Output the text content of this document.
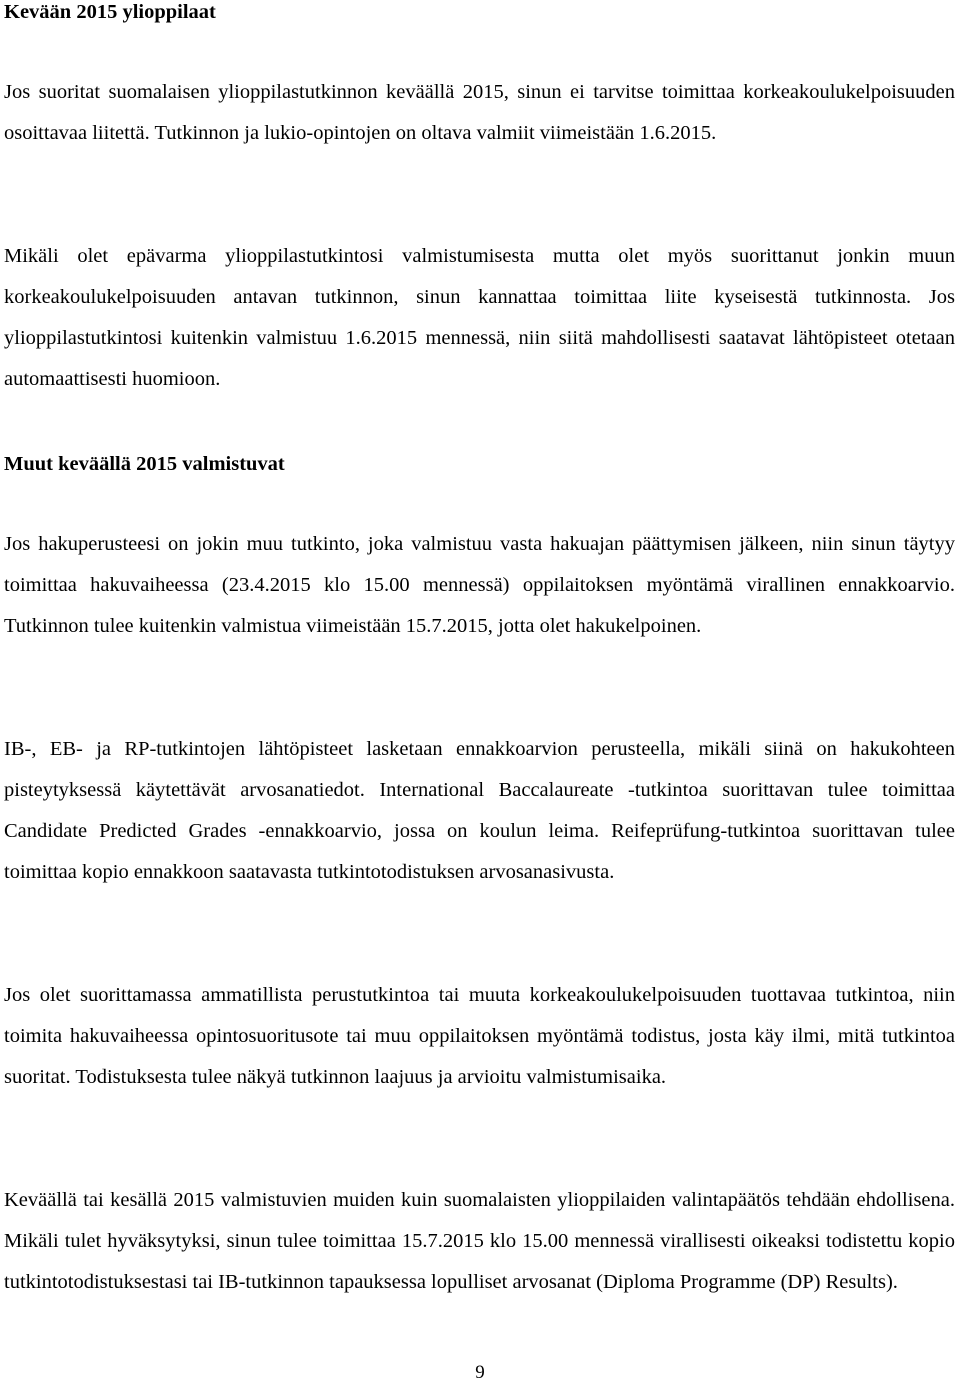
Kevään 2015 ylioppilaat

Jos suoritat suomalaisen ylioppilastutkinnon keväällä 2015, sinun ei tarvitse toimittaa korkeakoulukelpoisuuden osoittavaa liitettä. Tutkinnon ja lukio-opintojen on oltava valmiit viimeistään 1.6.2015.

Mikäli olet epävarma ylioppilastutkintosi valmistumisesta mutta olet myös suorittanut jonkin muun korkeakoulukelpoisuuden antavan tutkinnon, sinun kannattaa toimittaa liite kyseisestä tutkinnosta. Jos ylioppilastutkintosi kuitenkin valmistuu 1.6.2015 mennessä, niin siitä mahdollisesti saatavat lähtöpisteet otetaan automaattisesti huomioon.

Muut keväällä 2015 valmistuvat

Jos hakuperusteesi on jokin muu tutkinto, joka valmistuu vasta hakuajan päättymisen jälkeen, niin sinun täytyy toimittaa hakuvaiheessa (23.4.2015 klo 15.00 mennessä) oppilaitoksen myöntämä virallinen ennakkoarvio. Tutkinnon tulee kuitenkin valmistua viimeistään 15.7.2015, jotta olet hakukelpoinen.

IB-, EB- ja RP-tutkintojen lähtöpisteet lasketaan ennakkoarvion perusteella, mikäli siinä on hakukohteen pisteytyksessä käytettävät arvosanatiedot. International Baccalaureate -tutkintoa suorittavan tulee toimittaa Candidate Predicted Grades -ennakkoarvio, jossa on koulun leima. Reifeprüfung-tutkintoa suorittavan tulee toimittaa kopio ennakkoon saatavasta tutkintotodistuksen arvosanasivusta.

Jos olet suorittamassa ammatillista perustutkintoa tai muuta korkeakoulukelpoisuuden tuottavaa tutkintoa, niin toimita hakuvaiheessa opintosuoritusote tai muu oppilaitoksen myöntämä todistus, josta käy ilmi, mitä tutkintoa suoritat. Todistuksesta tulee näkyä tutkinnon laajuus ja arvioitu valmistumisaika.

Keväällä tai kesällä 2015 valmistuvien muiden kuin suomalaisten ylioppilaiden valintapäätös tehdään ehdollisena. Mikäli tulet hyväksytyksi, sinun tulee toimittaa 15.7.2015 klo 15.00 mennessä virallisesti oikeaksi todistettu kopio tutkintotodistuksestasi tai IB-tutkinnon tapauksessa lopulliset arvosanat (Diploma Programme (DP) Results).

9
